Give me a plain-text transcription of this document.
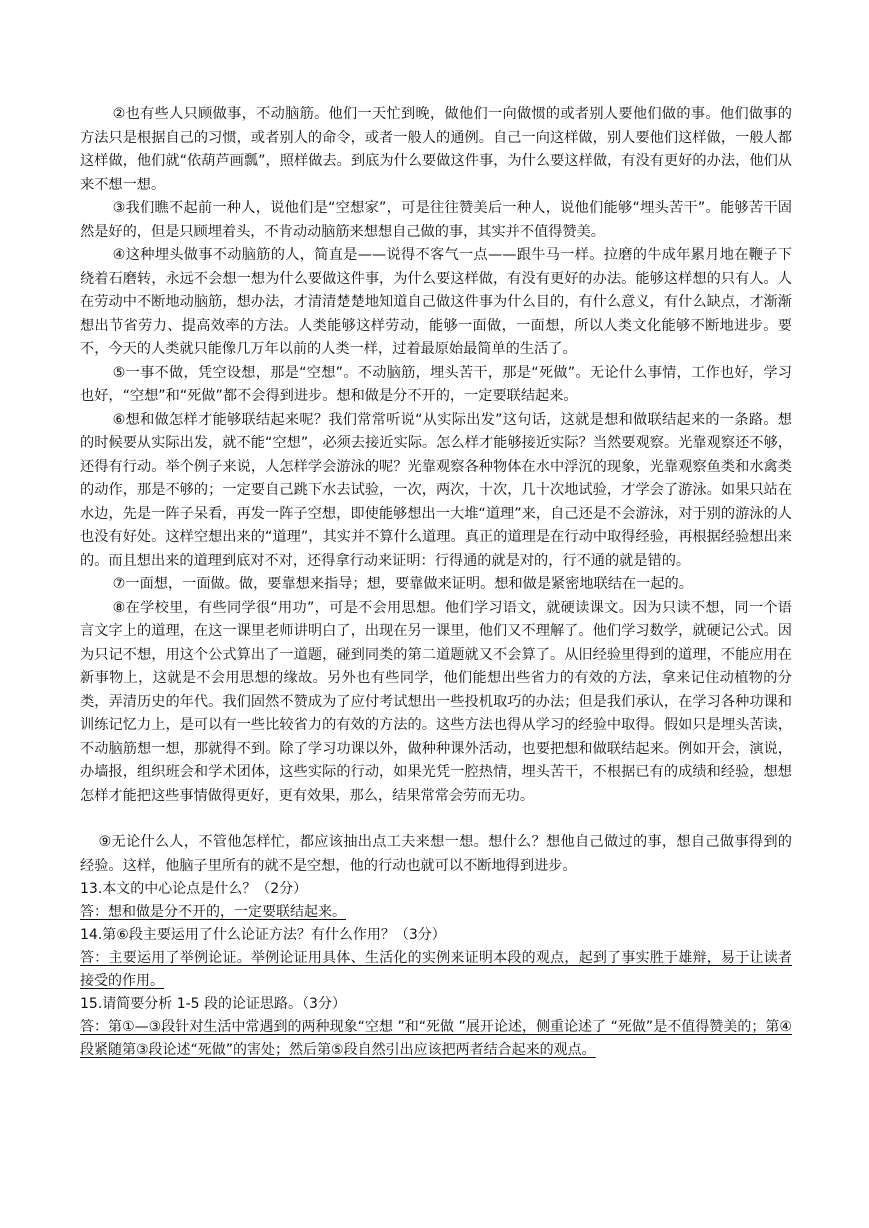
②也有些人只顾做事，不动脑筋。他们一天忙到晚，做他们一向做惯的或者别人要他们做的事。他们做事的方法只是根据自己的习惯，或者别人的命令，或者一般人的通例。自己一向这样做，别人要他们这样做，一般人都这样做，他们就“依葫芦画瓢”，照样做去。到底为什么要做这件事，为什么要这样做，有没有更好的办法，他们从来不想一想。

③我们瞧不起前一种人，说他们是“空想家”，可是往往赞美后一种人，说他们能够“埋头苦干”。能够苦干固然是好的，但是只顾埋着头，不肯动动脑筋来想想自己做的事，其实并不值得赞美。

④这种埋头做事不动脑筋的人，简直是——说得不客气一点——跟牛马一样。拉磨的牛成年累月地在鞭子下绕着石磨转，永远不会想一想为什么要做这件事，为什么要这样做，有没有更好的办法。能够这样想的只有人。人在劳动中不断地动脑筋，想办法，才清清楚楚地知道自己做这件事为什么目的，有什么意义，有什么缺点，才渐渐想出节省劳力、提高效率的方法。人类能够这样劳动，能够一面做，一面想，所以人类文化能够不断地进步。要不，今天的人类就只能像几万年以前的人类一样，过着最原始最简单的生活了。

⑤一事不做，凭空设想，那是“空想”。不动脑筋，埋头苦干，那是“死做”。无论什么事情，工作也好，学习也好，“空想”和“死做”都不会得到进步。想和做是分不开的，一定要联结起来。

⑥想和做怎样才能够联结起来呢？我们常常听说“从实际出发”这句话，这就是想和做联结起来的一条路。想的时候要从实际出发，就不能“空想”，必须去接近实际。怎么样才能够接近实际？当然要观察。光靠观察还不够，还得有行动。举个例子来说，人怎样学会游泳的呢？光靠观察各种物体在水中浮沉的现象，光靠观察鱼类和水禽类的动作，那是不够的；一定要自己跳下水去试验，一次，两次，十次，几十次地试验，才学会了游泳。如果只站在水边，先是一阵子呆看，再发一阵子空想，即使能够想出一大堆“道理”来，自己还是不会游泳，对于别的游泳的人也没有好处。这样空想出来的“道理”，其实并不算什么道理。真正的道理是在行动中取得经验，再根据经验想出来的。而且想出来的道理到底对不对，还得拿行动来证明：行得通的就是对的，行不通的就是错的。

⑦一面想，一面做。做，要靠想来指导；想，要靠做来证明。想和做是紧密地联结在一起的。

⑧在学校里，有些同学很“用功”，可是不会用思想。他们学习语文，就硬读课文。因为只读不想，同一个语言文字上的道理，在这一课里老师讲明白了，出现在另一课里，他们又不理解了。他们学习数学，就硬记公式。因为只记不想，用这个公式算出了一道题，碰到同类的第二道题就又不会算了。从旧经验里得到的道理，不能应用在新事物上，这就是不会用思想的缘故。另外也有些同学，他们能想出些省力的有效的方法，拿来记住动植物的分类，弄清历史的年代。我们固然不赞成为了应付考试想出一些投机取巧的办法；但是我们承认，在学习各种功课和训练记忆力上，是可以有一些比较省力的有效的方法的。这些方法也得从学习的经验中取得。假如只是埋头苦读，不动脑筋想一想，那就得不到。除了学习功课以外，做种种课外活动，也要把想和做联结起来。例如开会，演说，办墙报，组织班会和学术团体，这些实际的行动，如果光凭一腔热情，埋头苦干，不根据已有的成绩和经验，想想怎样才能把这些事情做得更好，更有效果，那么，结果常常会劳而无功。

⑨无论什么人，不管他怎样忙，都应该抽出点工夫来想一想。想什么？想他自己做过的事，想自己做事得到的经验。这样，他脑子里所有的就不是空想，他的行动也就可以不断地得到进步。

13.本文的中心论点是什么？（2分）

答：想和做是分不开的，一定要联结起来。

14.第⑥段主要运用了什么论证方法？有什么作用？（3分）

答：主要运用了举例论证。举例论证用具体、生活化的实例来证明本段的观点，起到了事实胜于雄辩，易于让读者接受的作用。

15.请简要分析 1-5 段的论证思路。（3分）

答：第①—③段针对生活中常遇到的两种现象“空想 ”和“死做 ”展开论述，侧重论述了 “死做”是不值得赞美的；第④段紧随第③段论述“死做”的害处；然后第⑤段自然引出应该把两者结合起来的观点。
